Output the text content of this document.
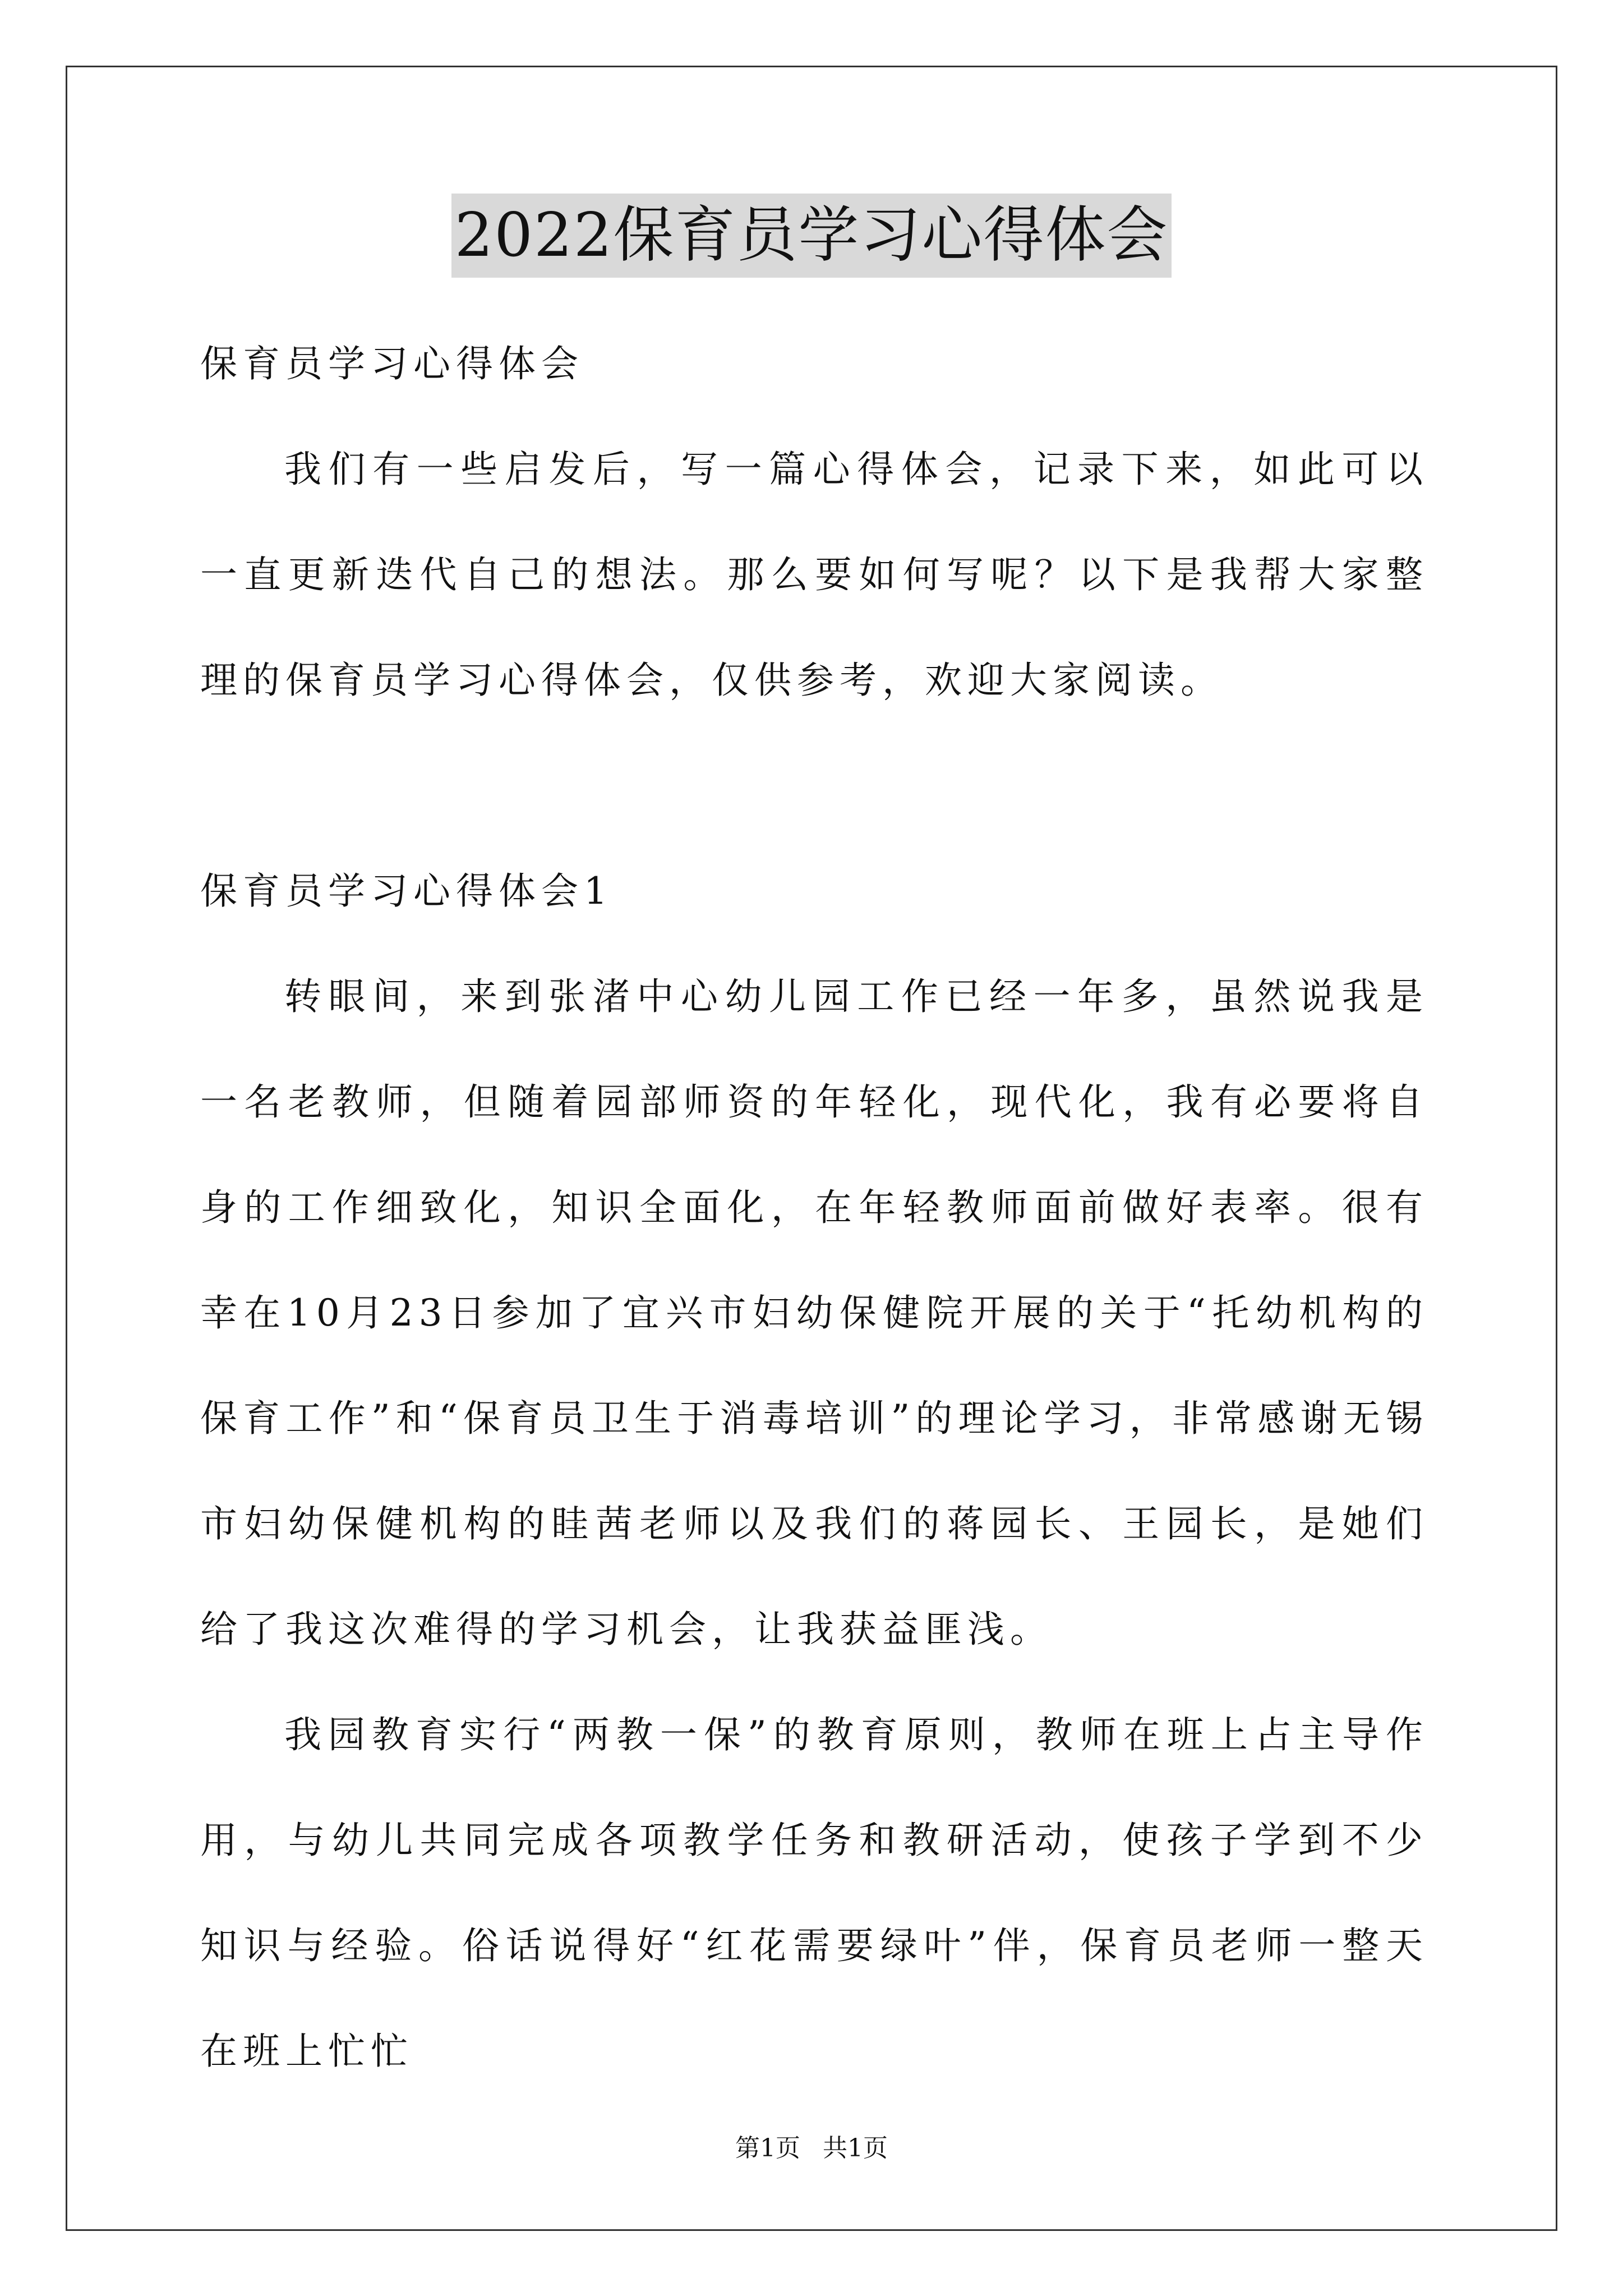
2022保育员学习心得体会

保育员学习心得体会

我们有一些启发后，写一篇心得体会，记录下来，如此可以一直更新迭代自己的想法。那么要如何写呢？以下是我帮大家整理的保育员学习心得体会，仅供参考，欢迎大家阅读。

保育员学习心得体会1

转眼间，来到张渚中心幼儿园工作已经一年多，虽然说我是一名老教师，但随着园部师资的年轻化，现代化，我有必要将自身的工作细致化，知识全面化，在年轻教师面前做好表率。很有幸在10月23日参加了宜兴市妇幼保健院开展的关于“托幼机构的保育工作”和“保育员卫生于消毒培训”的理论学习，非常感谢无锡市妇幼保健机构的眭茜老师以及我们的蒋园长、王园长，是她们给了我这次难得的学习机会，让我获益匪浅。

我园教育实行“两教一保”的教育原则，教师在班上占主导作用，与幼儿共同完成各项教学任务和教研活动，使孩子学到不少知识与经验。俗话说得好“红花需要绿叶”伴，保育员老师一整天在班上忙忙

第1页 共1页
